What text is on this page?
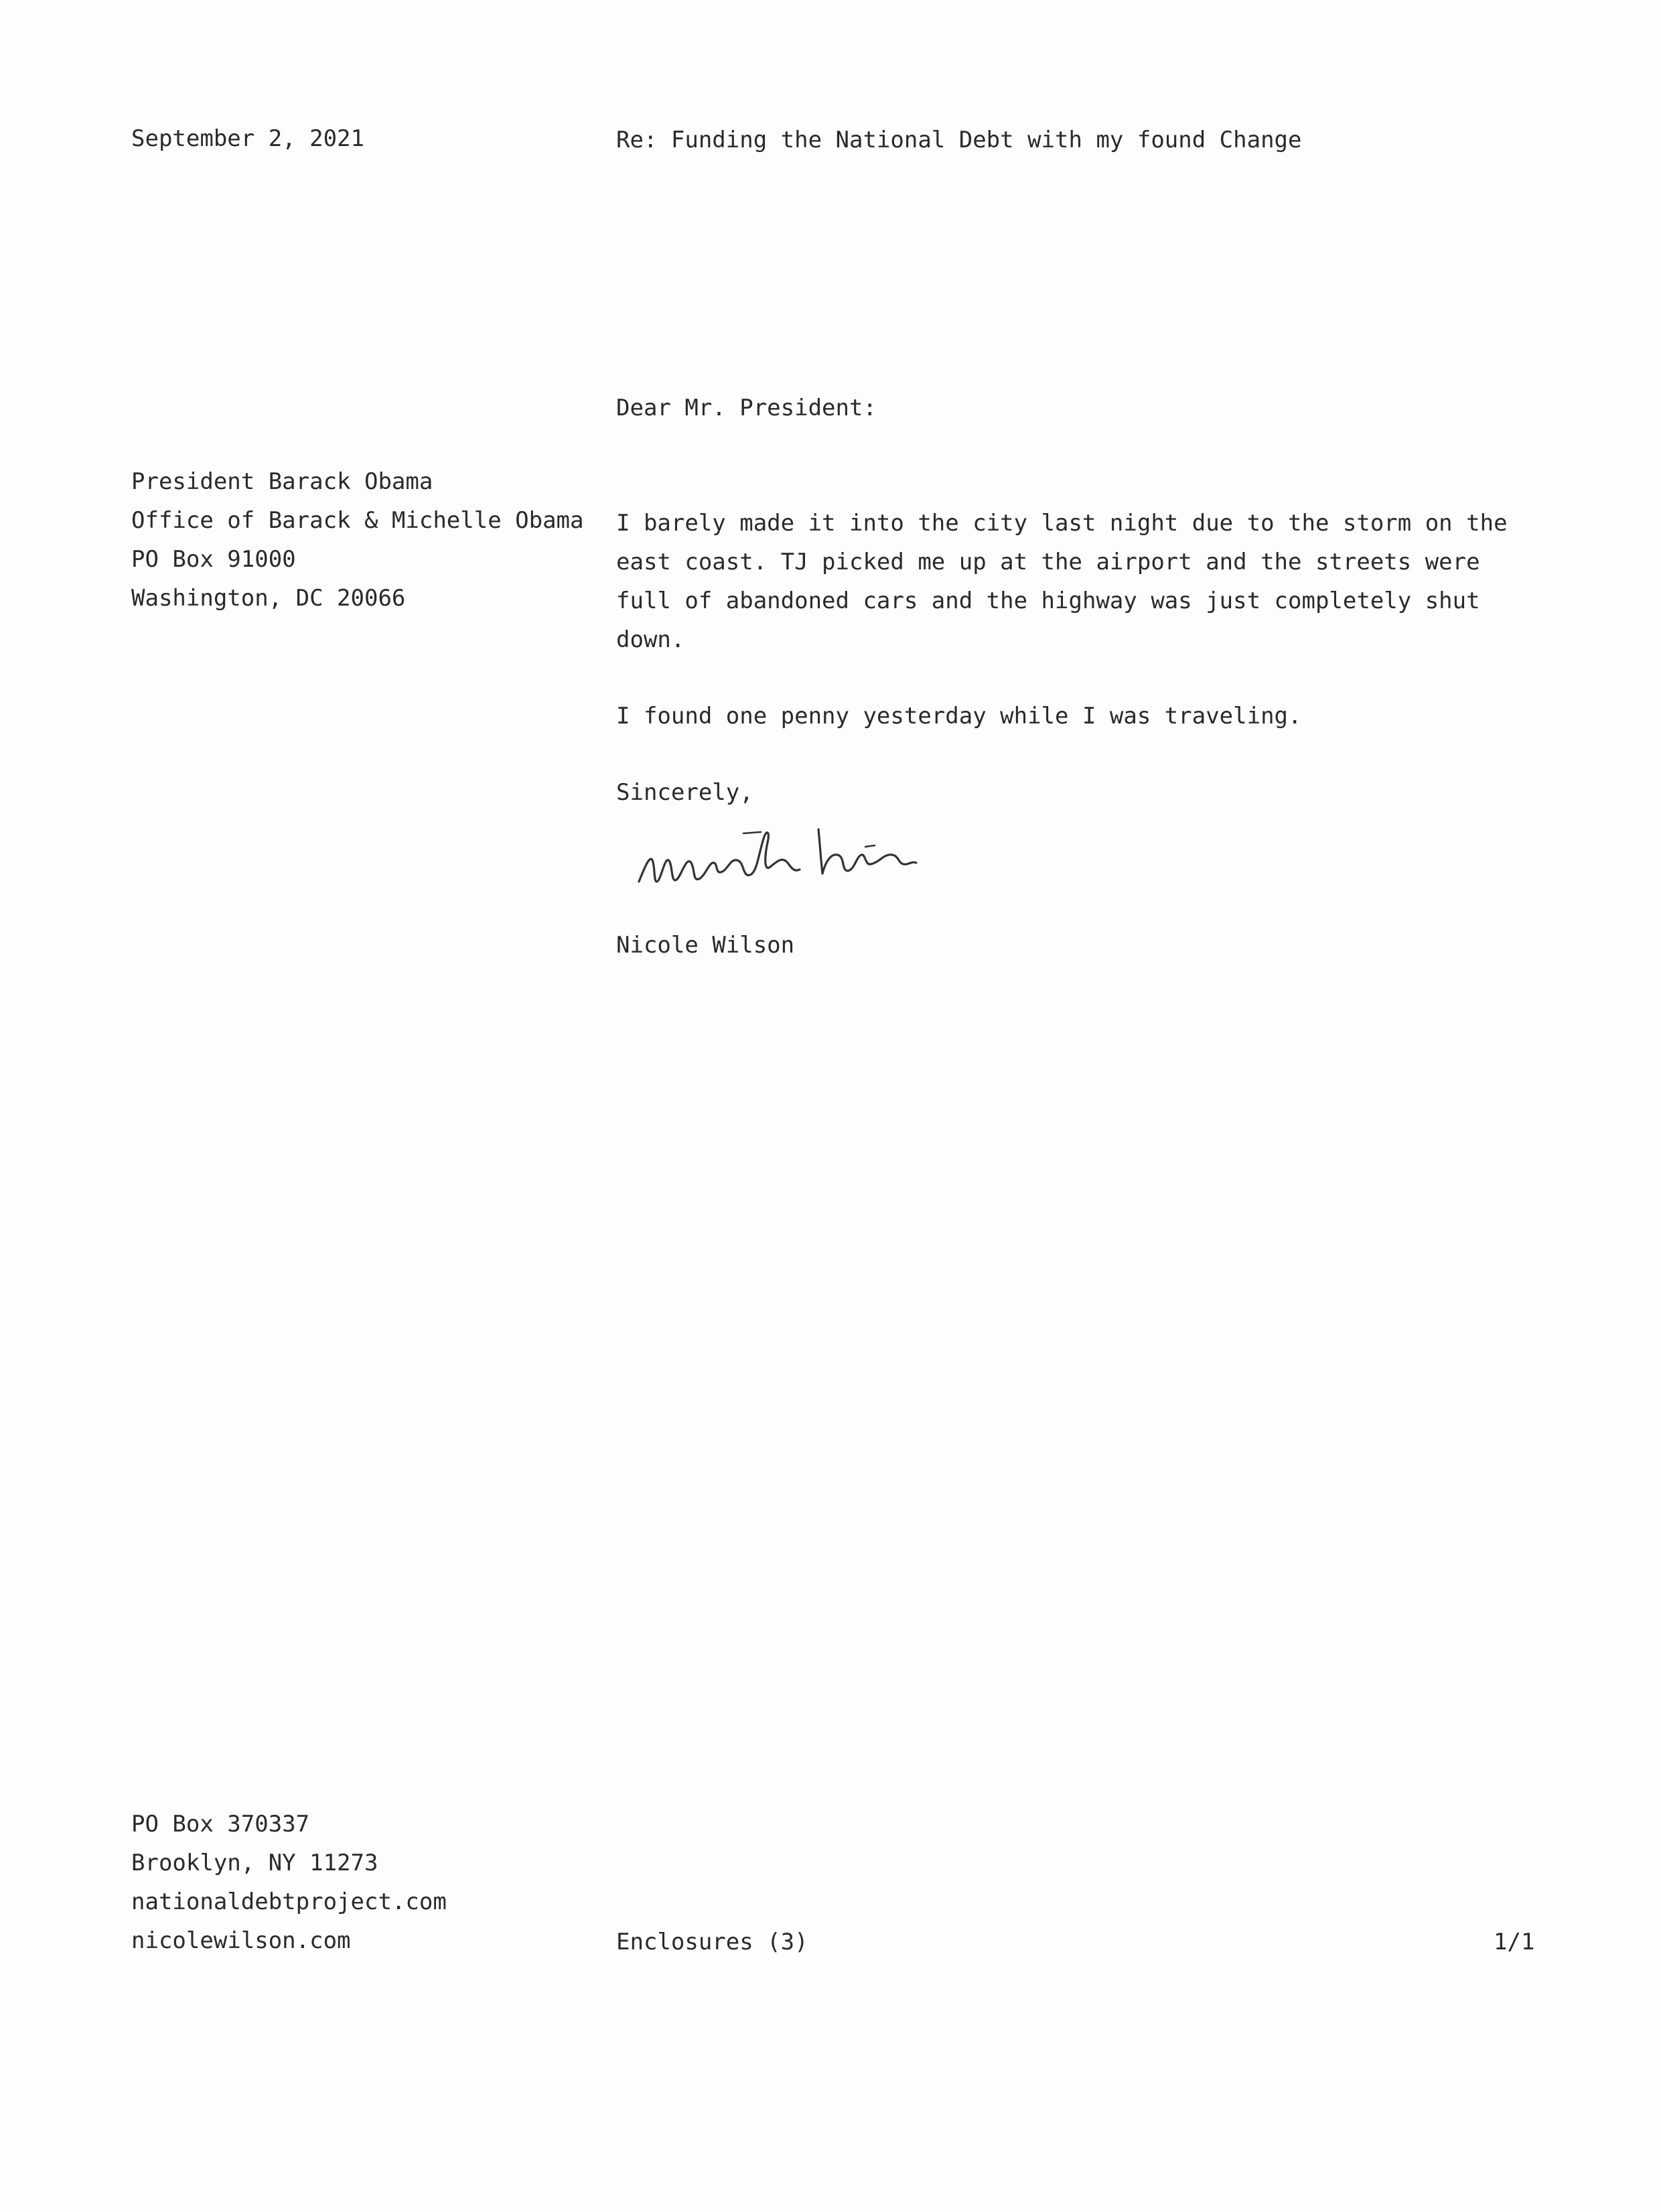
September 2, 2021	Re: Funding the National Debt with my found Change
Dear Mr. President:
President Barack Obama
Office of Barack & Michelle Obama
PO Box 91000
Washington, DC 20066
I barely made it into the city last night due to the storm on the
east coast. TJ picked me up at the airport and the streets were
full of abandoned cars and the highway was just completely shut
down.
I found one penny yesterday while I was traveling.
Sincerely,
Nicole Wilson
PO Box 370337
Brooklyn, NY 11273
nationaldebtproject.com
nicolewilson.com	Enclosures (3)	1/1
